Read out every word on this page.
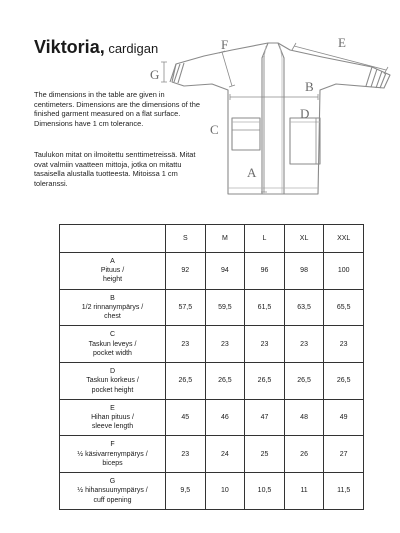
Viktoria, cardigan	F	E
G
B
D
C
A

The dimensions in the table are given in centimeters. Dimensions are the dimensions of the finished garment measured on a flat surface. Dimensions have 1 cm tolerance.

Taulukon mitat on ilmoitettu senttimetreissä. Mitat ovat valmiin vaatteen mittoja, jotka on mitattu tasaisella alustalla tuotteesta. Mitoissa 1 cm toleranssi.

	S	M	L	XL	XXL

A
Pituus /
height	92	94	96	98	100

B
1/2 rinnanympärys /
chest	57,5	59,5	61,5	63,5	65,5

C
Taskun leveys /
pocket width	23	23	23	23	23

D
Taskun korkeus /
pocket height	26,5	26,5	26,5	26,5	26,5

E
Hihan pituus /
sleeve length	45	46	47	48	49

F
½ käsivarrenympärys /
biceps	23	24	25	26	27

G
½ hihansuunympärys /
cuff opening	9,5	10	10,5	11	11,5
